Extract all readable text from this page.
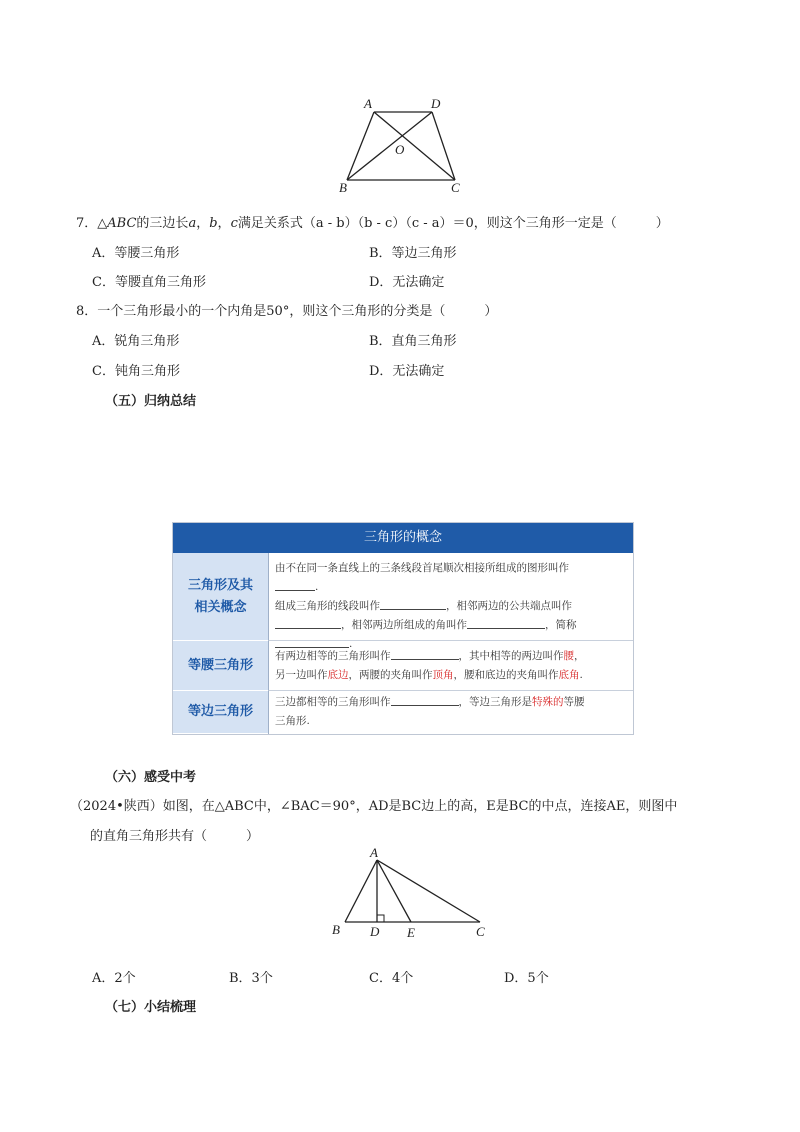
A	D
O
B	C
7．△ABC的三边长a，b，c满足关系式（a - b）（b - c）（c - a）＝0，则这个三角形一定是（　　　）
A．等腰三角形	B．等边三角形
C．等腰直角三角形	D．无法确定
8．一个三角形最小的一个内角是50°，则这个三角形的分类是（　　　）
A．锐角三角形	B．直角三角形
C．钝角三角形	D．无法确定
（五）归纳总结
三角形的概念
三角形及其
相关概念
由不在同一条直线上的三条线段首尾顺次相接所组成的图形叫作
.
组成三角形的线段叫作	，相邻两边的公共端点叫作
，相邻两边所组成的角叫作	，简称
.
等腰三角形
有两边相等的三角形叫作	，其中相等的两边叫作腰，
另一边叫作底边，两腰的夹角叫作顶角，腰和底边的夹角叫作底角.
等边三角形
三边都相等的三角形叫作	，等边三角形是特殊的等腰
三角形.
（六）感受中考
（2024•陕西）如图，在△ABC中，∠BAC＝90°，AD是BC边上的高，E是BC的中点，连接AE，则图中
的直角三角形共有（　　　）
A
B D E	C
A．2个	B．3个	C．4个	D．5个
（七）小结梳理
